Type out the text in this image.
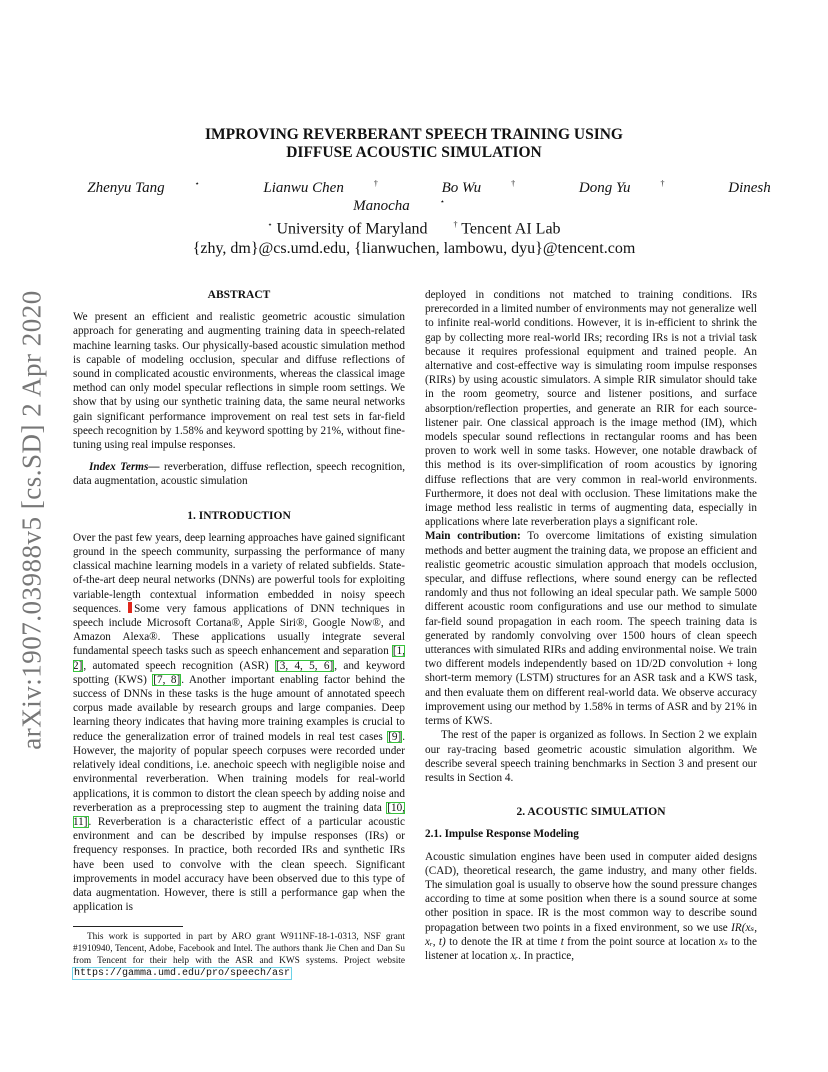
arXiv:1907.03988v5 [cs.SD] 2 Apr 2020
IMPROVING REVERBERANT SPEECH TRAINING USING
DIFFUSE ACOUSTIC SIMULATION
Zhenyu Tang	⋆	Lianwu Chen	†	Bo Wu	†	Dong Yu	†	Dinesh Manocha	⋆
⋆ University of Maryland	† Tencent AI Lab
{zhy, dm}@cs.umd.edu, {lianwuchen, lambowu, dyu}@tencent.com
ABSTRACT

We present an efficient and realistic geometric acoustic simulation approach for generating and augmenting training data in speech-related machine learning tasks. Our physically-based acoustic simulation method is capable of modeling occlusion, specular and diffuse reflections of sound in complicated acoustic environments, whereas the classical image method can only model specular reflections in simple room settings. We show that by using our synthetic training data, the same neural networks gain significant performance improvement on real test sets in far-field speech recognition by 1.58% and keyword spotting by 21%, without fine-tuning using real impulse responses.

Index Terms— reverberation, diffuse reflection, speech recognition, data augmentation, acoustic simulation

1. INTRODUCTION

Over the past few years, deep learning approaches have gained significant ground in the speech community, surpassing the performance of many classical machine learning models in a variety of related subfields. State-of-the-art deep neural networks (DNNs) are powerful tools for exploiting variable-length contextual information embedded in noisy speech sequences. Some very famous applications of DNN techniques in speech include Microsoft Cortana®, Apple Siri®, Google Now®, and Amazon Alexa®. These applications usually integrate several fundamental speech tasks such as speech enhancement and separation [1, 2], automated speech recognition (ASR) [3, 4, 5, 6], and keyword spotting (KWS) [7, 8]. Another important enabling factor behind the success of DNNs in these tasks is the huge amount of annotated speech corpus made available by research groups and large companies. Deep learning theory indicates that having more training examples is crucial to reduce the generalization error of trained models in real test cases [9]. However, the majority of popular speech corpuses were recorded under relatively ideal conditions, i.e. anechoic speech with negligible noise and environmental reverberation. When training models for real-world applications, it is common to distort the clean speech by adding noise and reverberation as a preprocessing step to augment the training data [10, 11]. Reverberation is a characteristic effect of a particular acoustic environment and can be described by impulse responses (IRs) or frequency responses. In practice, both recorded IRs and synthetic IRs have been used to convolve with the clean speech. Significant improvements in model accuracy have been observed due to this type of data augmentation. However, there is still a performance gap when the application is

This work is supported in part by ARO grant W911NF-18-1-0313, NSF grant #1910940, Tencent, Adobe, Facebook and Intel. The authors thank Jie Chen and Dan Su from Tencent for their help with the ASR and KWS systems. Project website https://gamma.umd.edu/pro/speech/asr

deployed in conditions not matched to training conditions. IRs prerecorded in a limited number of environments may not generalize well to infinite real-world conditions. However, it is in-efficient to shrink the gap by collecting more real-world IRs; recording IRs is not a trivial task because it requires professional equipment and trained people. An alternative and cost-effective way is simulating room impulse responses (RIRs) by using acoustic simulators. A simple RIR simulator should take in the room geometry, source and listener positions, and surface absorption/reflection properties, and generate an RIR for each source-listener pair. One classical approach is the image method (IM), which models specular sound reflections in rectangular rooms and has been proven to work well in some tasks. However, one notable drawback of this method is its over-simplification of room acoustics by ignoring diffuse reflections that are very common in real-world environments. Furthermore, it does not deal with occlusion. These limitations make the image method less realistic in terms of augmenting data, especially in applications where late reverberation plays a significant role.

Main contribution: To overcome limitations of existing simulation methods and better augment the training data, we propose an efficient and realistic geometric acoustic simulation approach that models occlusion, specular, and diffuse reflections, where sound energy can be reflected randomly and thus not following an ideal specular path. We sample 5000 different acoustic room configurations and use our method to simulate far-field sound propagation in each room. The speech training data is generated by randomly convolving over 1500 hours of clean speech utterances with simulated RIRs and adding environmental noise. We train two different models independently based on 1D/2D convolution + long short-term memory (LSTM) structures for an ASR task and a KWS task, and then evaluate them on different real-world data. We observe accuracy improvement using our method by 1.58% in terms of ASR and by 21% in terms of KWS.

The rest of the paper is organized as follows. In Section 2 we explain our ray-tracing based geometric acoustic simulation algorithm. We describe several speech training benchmarks in Section 3 and present our results in Section 4.

2. ACOUSTIC SIMULATION
2.1. Impulse Response Modeling

Acoustic simulation engines have been used in computer aided designs (CAD), theoretical research, the game industry, and many other fields. The simulation goal is usually to observe how the sound pressure changes according to time at some position when there is a sound source at some other position in space. IR is the most common way to describe sound propagation between two points in a fixed environment, so we use IR(xₛ, xᵣ, t) to denote the IR at time t from the point source at location xₛ to the listener at location xᵣ. In practice,
